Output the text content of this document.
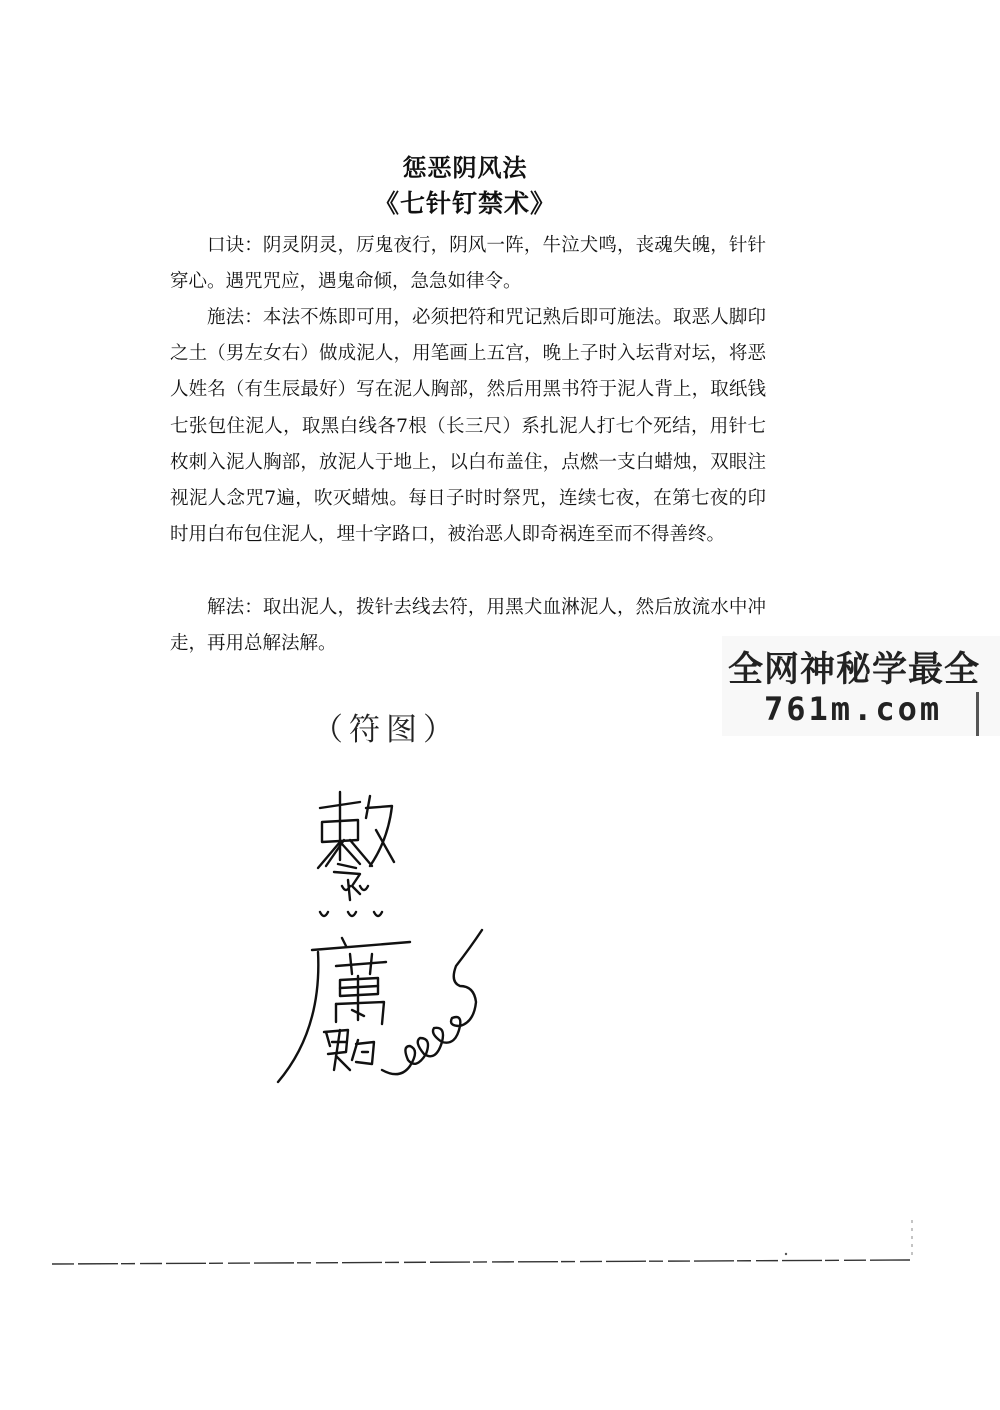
惩恶阴风法
《七针钉禁术》

口诀：阴灵阴灵，厉鬼夜行，阴风一阵，牛泣犬鸣，丧魂失魄，针针穿心。遇咒咒应，遇鬼命倾，急急如律令。

施法：本法不炼即可用，必须把符和咒记熟后即可施法。取恶人脚印之土（男左女右）做成泥人，用笔画上五宫，晚上子时入坛背对坛，将恶人姓名（有生辰最好）写在泥人胸部，然后用黑书符于泥人背上，取纸钱七张包住泥人，取黑白线各7根（长三尺）系扎泥人打七个死结，用针七枚刺入泥人胸部，放泥人于地上，以白布盖住，点燃一支白蜡烛，双眼注视泥人念咒7遍，吹灭蜡烛。每日子时时祭咒，连续七夜，在第七夜的印时用白布包住泥人，埋十字路口，被治恶人即奇祸连至而不得善终。

解法：取出泥人，拨针去线去符，用黑犬血淋泥人，然后放流水中冲走，再用总解法解。

全网神秘学最全
761m.com
（符图）
